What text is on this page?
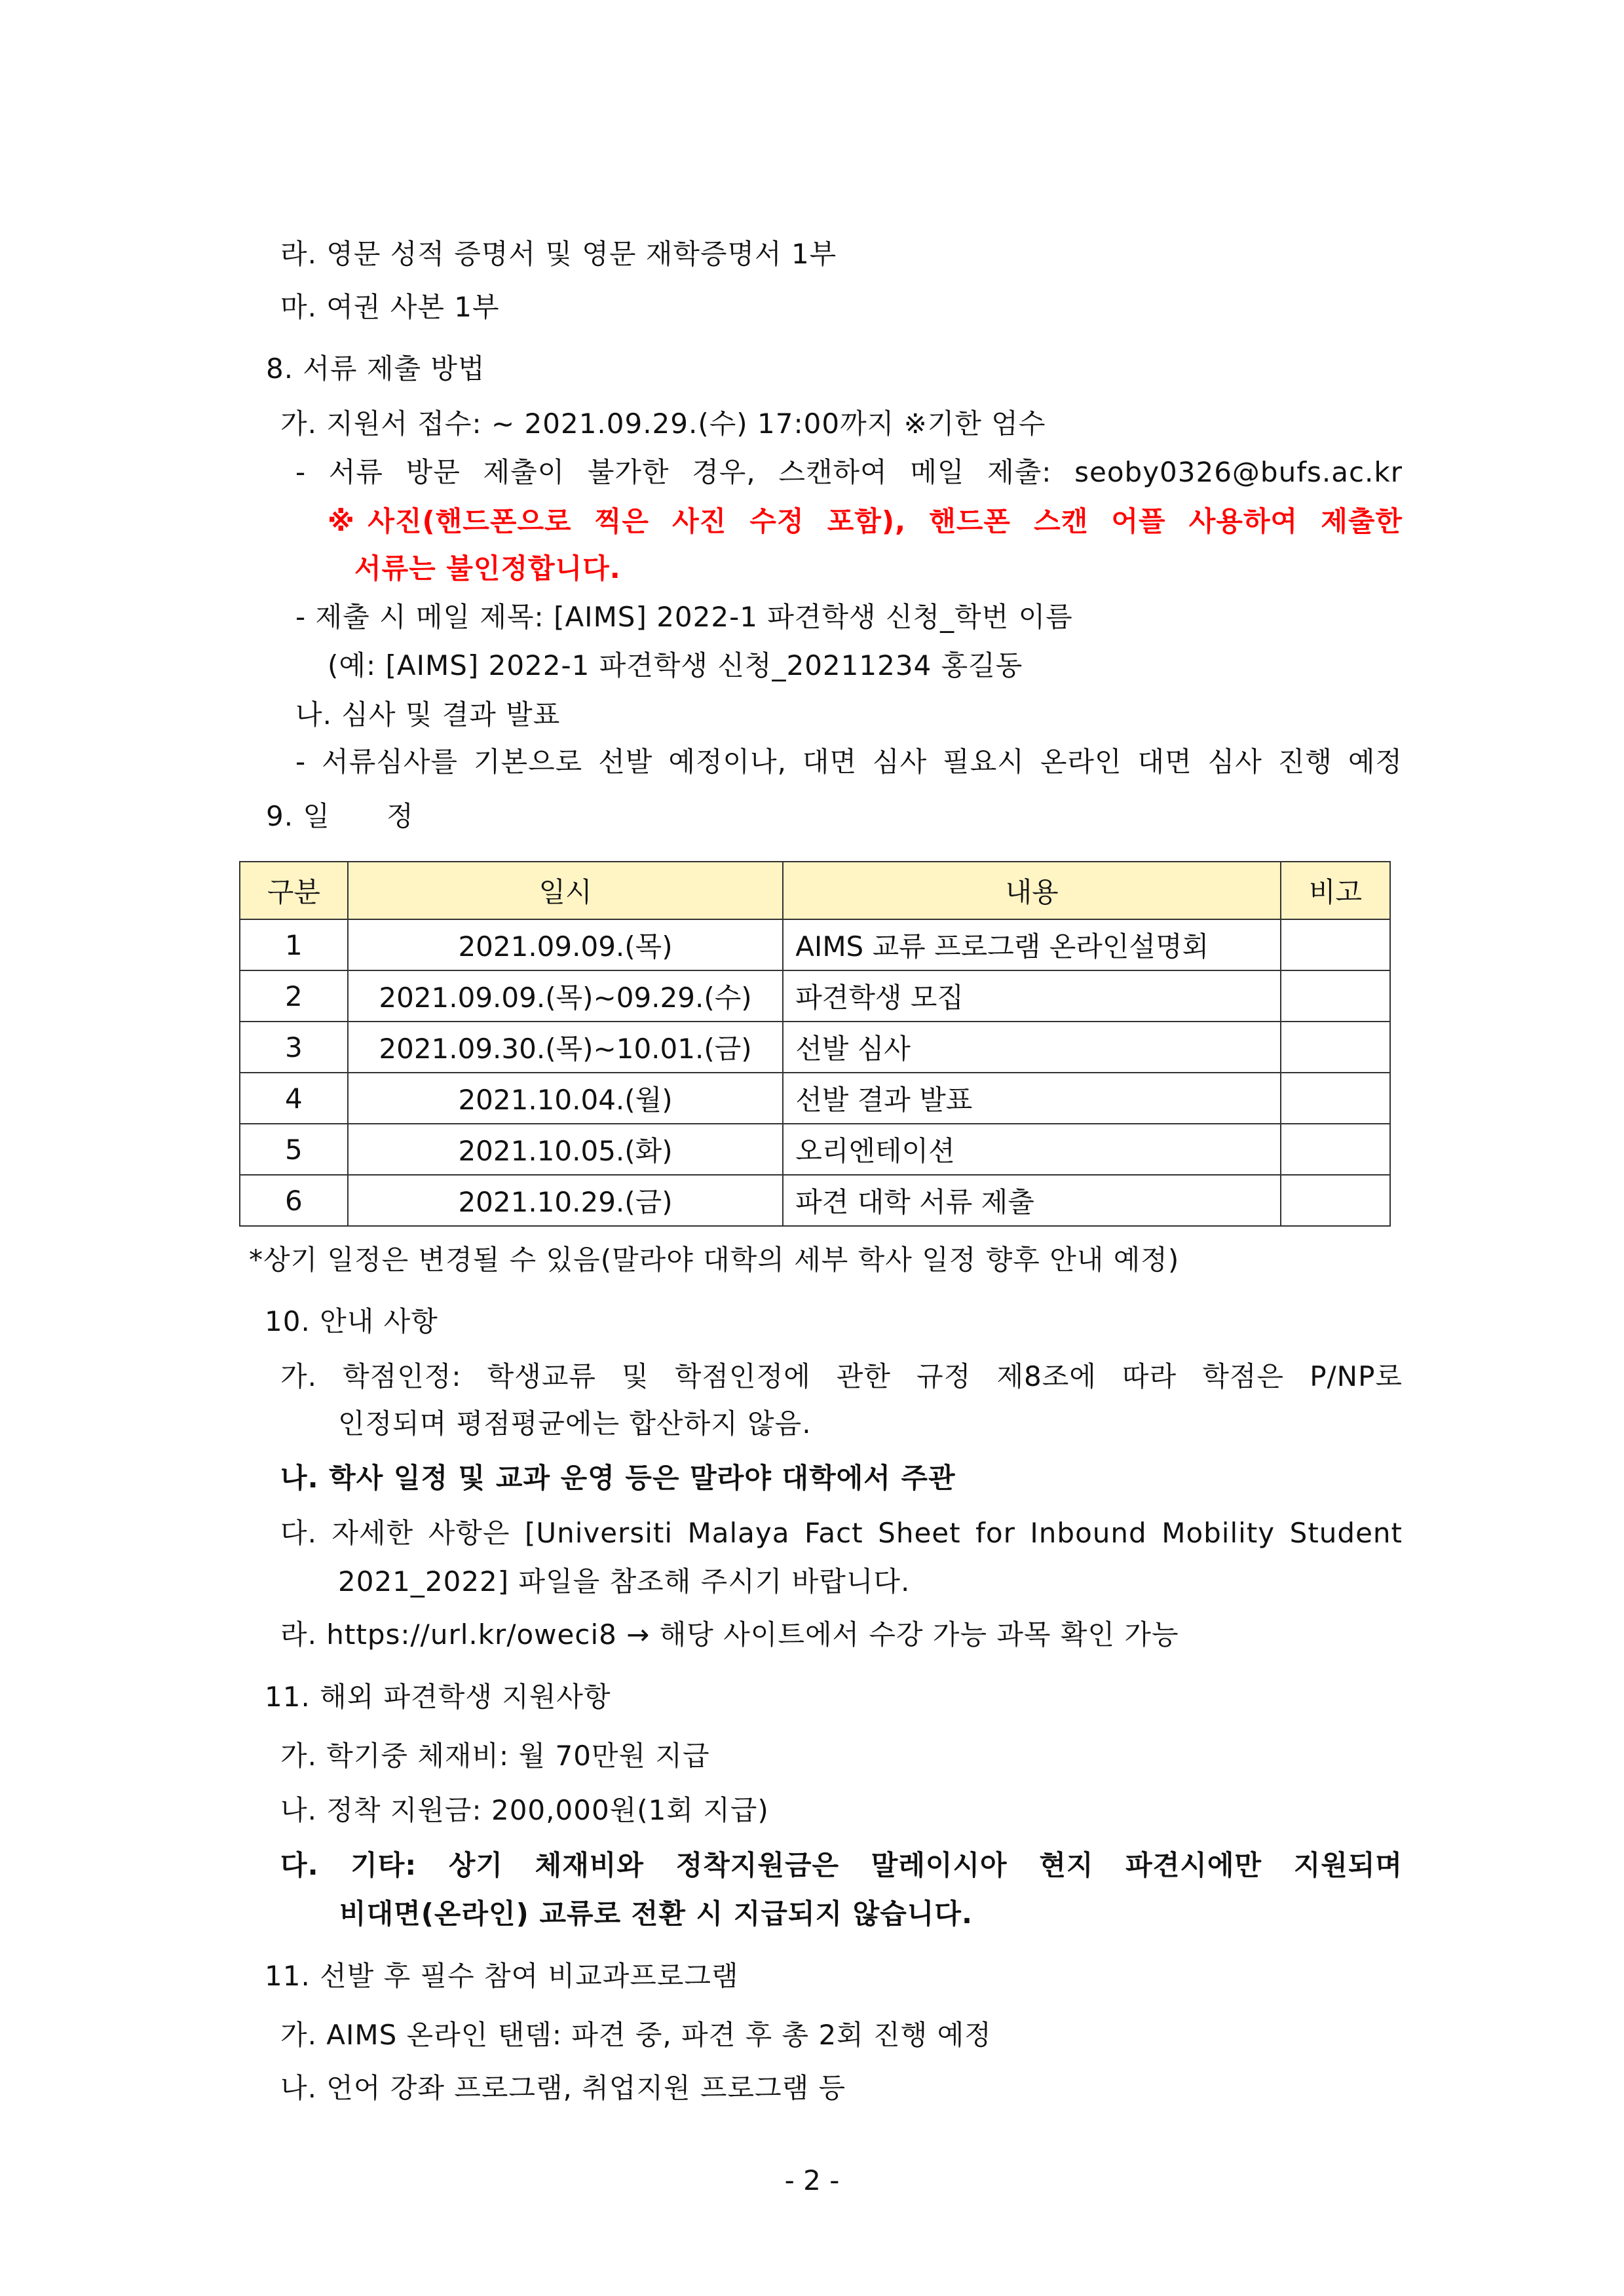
라. 영문 성적 증명서 및 영문 재학증명서 1부
마. 여권 사본 1부
8. 서류 제출 방법
가. 지원서 접수: ~ 2021.09.29.(수) 17:00까지 ※기한 엄수
- 서류 방문 제출이 불가한 경우, 스캔하여 메일 제출: seoby0326@bufs.ac.kr
※사진(핸드폰으로 찍은 사진 수정 포함), 핸드폰 스캔 어플 사용하여 제출한
서류는 불인정합니다.
- 제출 시 메일 제목: [AIMS] 2022-1 파견학생 신청_학번 이름
(예: [AIMS] 2022-1 파견학생 신청_20211234 홍길동
나. 심사 및 결과 발표
- 서류심사를 기본으로 선발 예정이나, 대면 심사 필요시 온라인 대면 심사 진행 예정
9. 일      정
구분	일시	내용	비고
1	2021.09.09.(목)	AIMS 교류 프로그램 온라인설명회	
2	2021.09.09.(목)~09.29.(수)	파견학생 모집	
3	2021.09.30.(목)~10.01.(금)	선발 심사	
4	2021.10.04.(월)	선발 결과 발표	
5	2021.10.05.(화)	오리엔테이션	
6	2021.10.29.(금)	파견 대학 서류 제출	
*상기 일정은 변경될 수 있음(말라야 대학의 세부 학사 일정 향후 안내 예정)
10. 안내 사항
가. 학점인정: 학생교류 및 학점인정에 관한 규정 제8조에 따라 학점은 P/NP로
인정되며 평점평균에는 합산하지 않음.
나. 학사 일정 및 교과 운영 등은 말라야 대학에서 주관
다. 자세한 사항은 [Universiti Malaya Fact Sheet for Inbound Mobility Student
2021_2022] 파일을 참조해 주시기 바랍니다.
라. https://url.kr/oweci8 → 해당 사이트에서 수강 가능 과목 확인 가능
11. 해외 파견학생 지원사항
가. 학기중 체재비: 월 70만원 지급
나. 정착 지원금: 200,000원(1회 지급)
다. 기타: 상기 체재비와 정착지원금은 말레이시아 현지 파견시에만 지원되며
비대면(온라인) 교류로 전환 시 지급되지 않습니다.
11. 선발 후 필수 참여 비교과프로그램
가. AIMS 온라인 탠뎀: 파견 중, 파견 후 총 2회 진행 예정
나. 언어 강좌 프로그램, 취업지원 프로그램 등
- 2 -
